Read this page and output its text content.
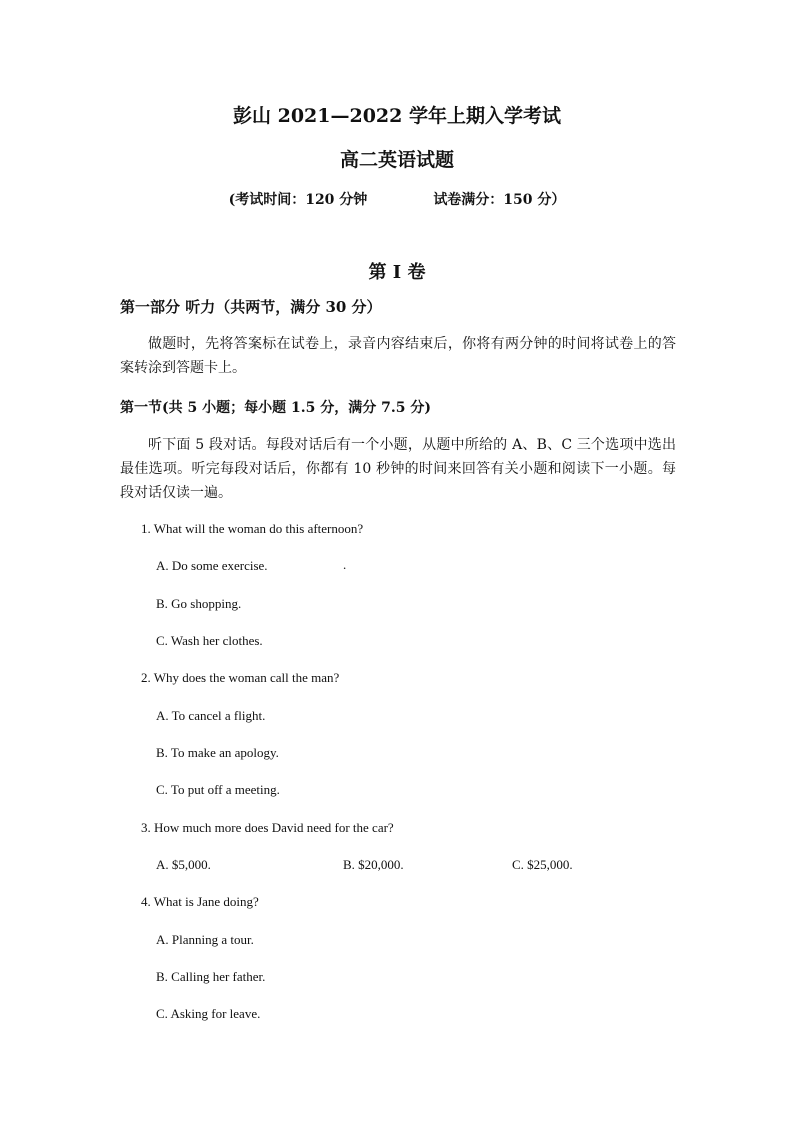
彭山 2021—2022 学年上期入学考试
高二英语试题
(考试时间：120 分钟	试卷满分：150 分）
第 I 卷
第一部分 听力（共两节，满分 30 分）
做题时，先将答案标在试卷上，录音内容结束后，你将有两分钟的时间将试卷上的答案转涂到答题卡上。
第一节(共 5 小题；每小题 1.5 分，满分 7.5 分)
听下面 5 段对话。每段对话后有一个小题，从题中所给的 A、B、C 三个选项中选出最佳选项。听完每段对话后，你都有 10 秒钟的时间来回答有关小题和阅读下一小题。每段对话仅读一遍。
1. What will the woman do this afternoon?
A. Do some exercise.	.
B. Go shopping.
C. Wash her clothes.
2. Why does the woman call the man?
A. To cancel a flight.
B. To make an apology.
C. To put off a meeting.
3. How much more does David need for the car?
A. $5,000.	B. $20,000.	C. $25,000.
4. What is Jane doing?
A. Planning a tour.
B. Calling her father.
C. Asking for leave.
